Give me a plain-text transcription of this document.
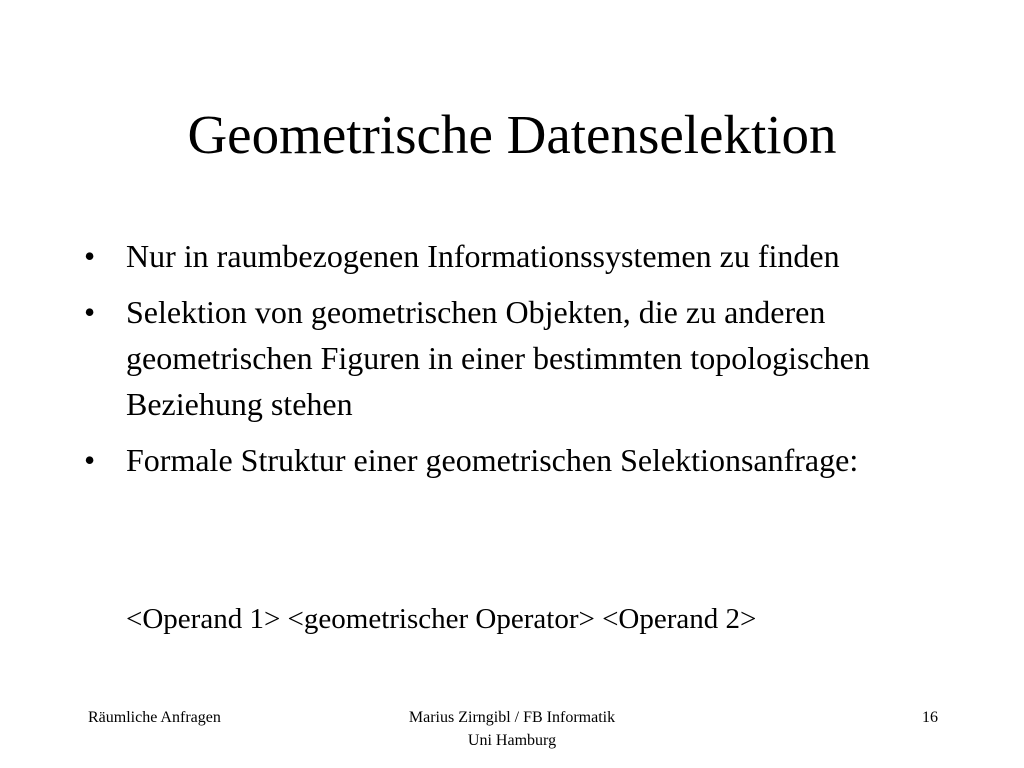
Geometrische Datenselektion
• Nur in raumbezogenen Informationssystemen zu finden
• Selektion von geometrischen Objekten, die zu anderen geometrischen Figuren in einer bestimmten topologischen Beziehung stehen
• Formale Struktur einer geometrischen Selektionsanfrage:
<Operand 1> <geometrischer Operator> <Operand 2>
Räumliche Anfragen	Marius Zirngibl / FB Informatik
Uni Hamburg
16
